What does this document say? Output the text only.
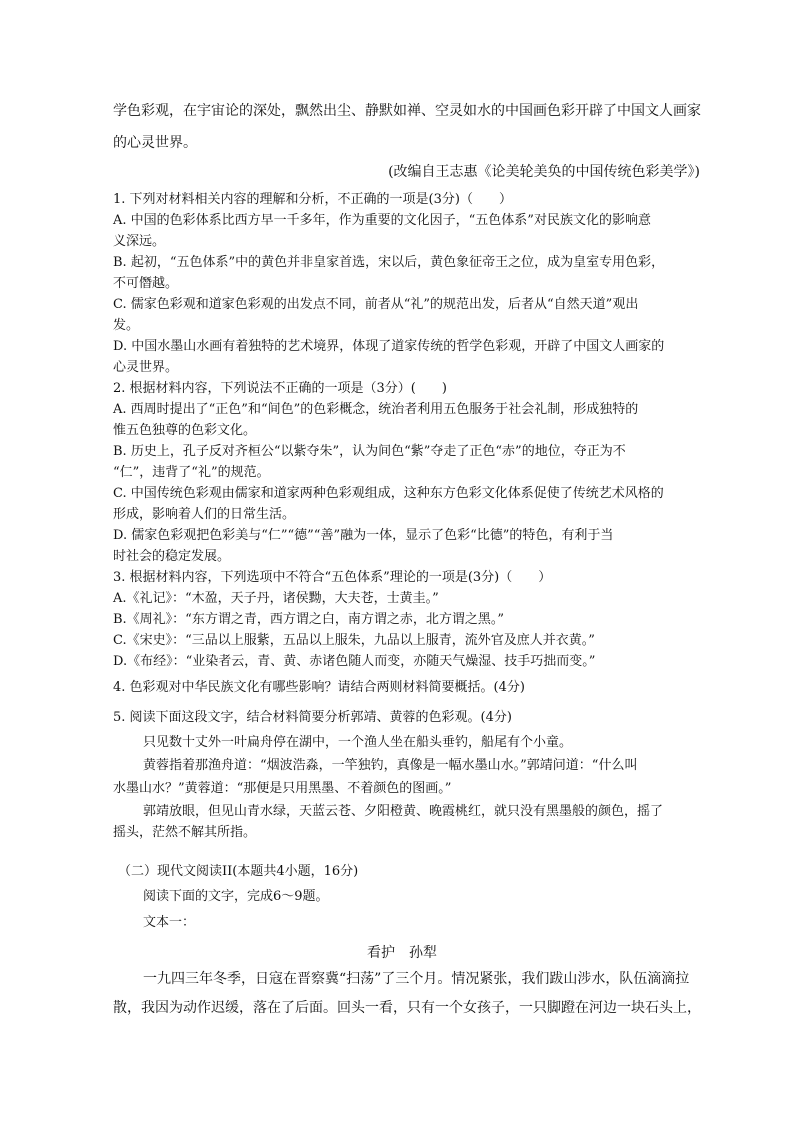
学色彩观，在宇宙论的深处，飘然出尘、静默如禅、空灵如水的中国画色彩开辟了中国文人画家
的心灵世界。
(改编自王志惠《论美轮美奂的中国传统色彩美学》)
1. 下列对材料相关内容的理解和分析，不正确的一项是(3分)（　　）
A. 中国的色彩体系比西方早一千多年，作为重要的文化因子，“五色体系”对民族文化的影响意
义深远。
B. 起初，“五色体系”中的黄色并非皇家首选，宋以后，黄色象征帝王之位，成为皇室专用色彩，
不可僭越。
C. 儒家色彩观和道家色彩观的出发点不同，前者从“礼”的规范出发，后者从“自然天道”观出
发。
D. 中国水墨山水画有着独特的艺术境界，体现了道家传统的哲学色彩观，开辟了中国文人画家的
心灵世界。
2. 根据材料内容，下列说法不正确的一项是（3分）(　　)
A. 西周时提出了“正色”和“间色”的色彩概念，统治者利用五色服务于社会礼制，形成独特的
惟五色独尊的色彩文化。
B. 历史上，孔子反对齐桓公“以紫夺朱”，认为间色“紫”夺走了正色“赤”的地位，夺正为不
“仁”，违背了“礼”的规范。
C. 中国传统色彩观由儒家和道家两种色彩观组成，这种东方色彩文化体系促使了传统艺术风格的
形成，影响着人们的日常生活。
D. 儒家色彩观把色彩美与“仁”“德”“善”融为一体，显示了色彩“比德”的特色，有利于当
时社会的稳定发展。
3. 根据材料内容，下列选项中不符合“五色体系”理论的一项是(3分)（　　）
A.《礼记》：“木盈，天子丹，诸侯黝，大夫苍，士黄圭。”
B.《周礼》：“东方谓之青，西方谓之白，南方谓之赤，北方谓之黑。”
C.《宋史》：“三品以上服紫，五品以上服朱，九品以上服青，流外官及庶人并衣黄。”
D.《布经》：“业染者云，青、黄、赤诸色随人而变，亦随天气燥湿、技手巧拙而变。”
4. 色彩观对中华民族文化有哪些影响？请结合两则材料简要概括。(4分)
5. 阅读下面这段文字，结合材料简要分析郭靖、黄蓉的色彩观。(4分)
只见数十丈外一叶扁舟停在湖中，一个渔人坐在船头垂钓，船尾有个小童。
黄蓉指着那渔舟道：“烟波浩淼，一竿独钓，真像是一幅水墨山水。”郭靖问道：“什么叫
水墨山水？”黄蓉道：“那便是只用黑墨、不着颜色的图画。”
郭靖放眼，但见山青水绿，天蓝云苍、夕阳橙黄、晚霞桃红，就只没有黑墨般的颜色，摇了
摇头，茫然不解其所指。
（二）现代文阅读II(本题共4小题，16分)
阅读下面的文字，完成6～9题。
文本一：
看护　孙犁
一九四三年冬季，日寇在晋察冀“扫荡”了三个月。情况紧张，我们跋山涉水，队伍滴滴拉
散，我因为动作迟缓，落在了后面。回头一看，只有一个女孩子，一只脚蹬在河边一块石头上，
